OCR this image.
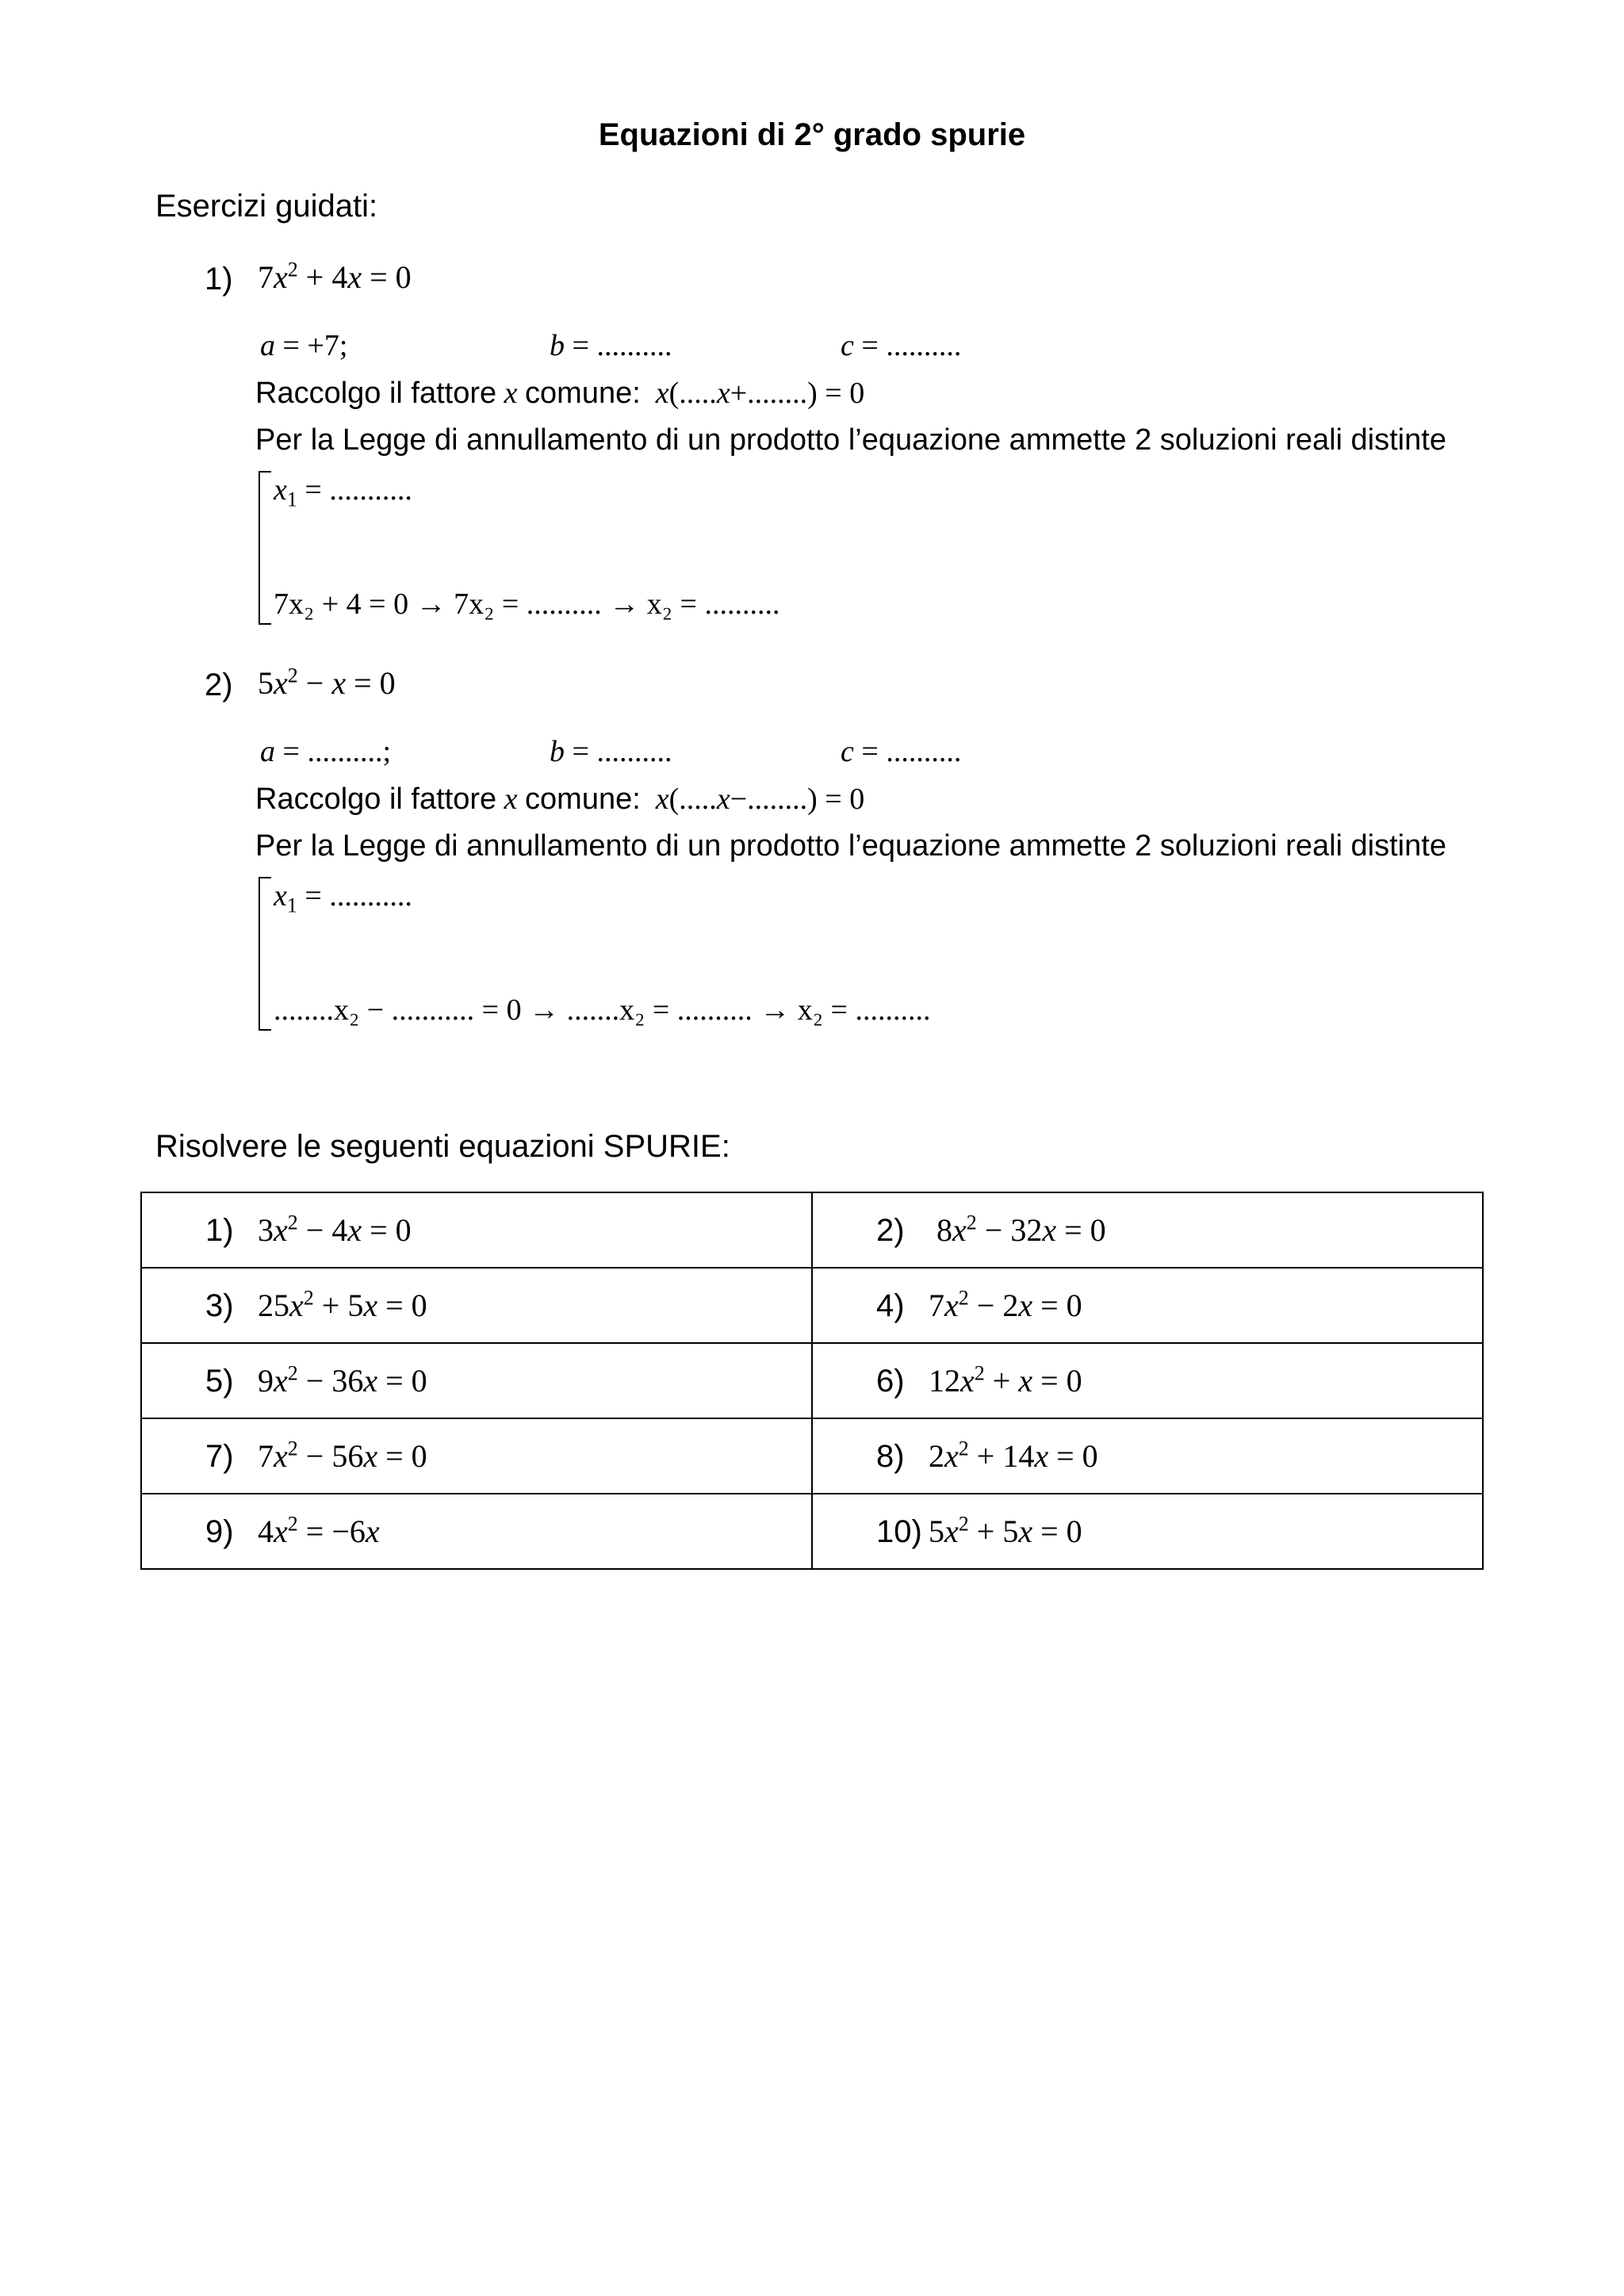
Equazioni di 2° grado spurie
Esercizi guidati:
1) $7x^2 + 4x = 0$
a = +7;	b = ..........	c = ..........
Raccolgo il fattore x comune: x(.....x+........) = 0
Per la Legge di annullamento di un prodotto l’equazione ammette 2 soluzioni reali distinte
$x_1$ = ...........
7x₂ + 4 = 0 → 7x₂ = .......... → x₂ = ..........
2) $5x^2 - x = 0$
a = ..........;	b = ..........	c = ..........
Raccolgo il fattore x comune: x(.....x−........) = 0
Per la Legge di annullamento di un prodotto l’equazione ammette 2 soluzioni reali distinte
$x_1$ = ...........
........x₂ − ........... = 0 → .......x₂ = .......... → x₂ = ..........
Risolvere le seguenti equazioni SPURIE:
1) $3x^2 - 4x = 0$	2) $8x^2 - 32x = 0$
3) $25x^2 + 5x = 0$	4) $7x^2 - 2x = 0$
5) $9x^2 - 36x = 0$	6) $12x^2 + x = 0$
7) $7x^2 - 56x = 0$	8) $2x^2 + 14x = 0$
9) $4x^2 = -6x$	10) $5x^2 + 5x = 0$
